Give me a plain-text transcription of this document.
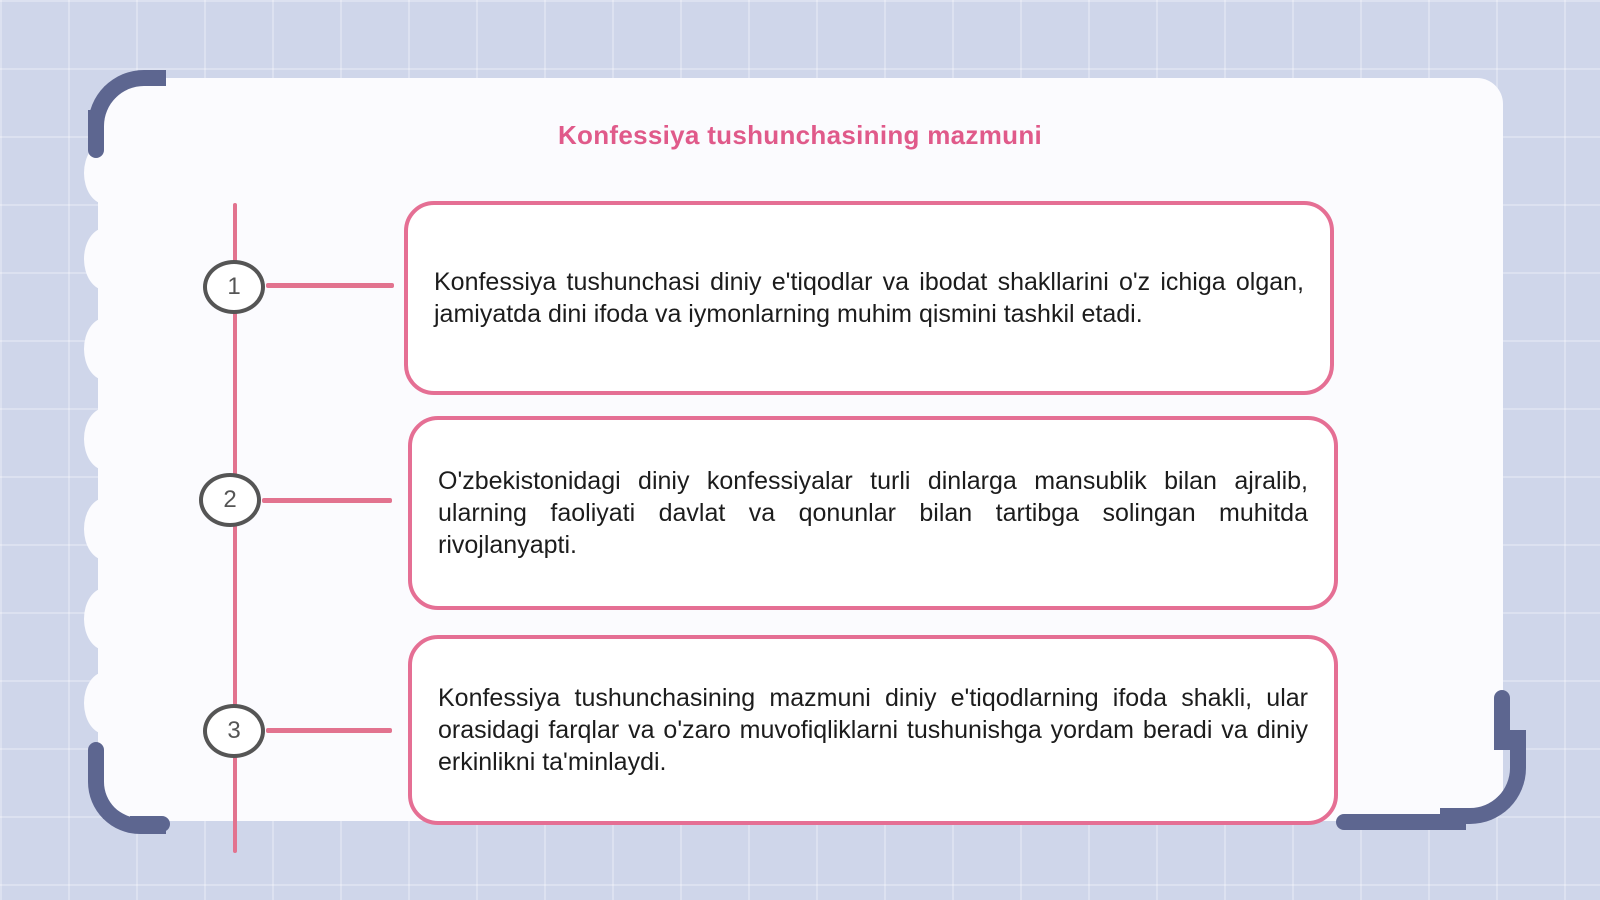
Konfessiya tushunchasining mazmuni
1
2
3

Konfessiya tushunchasi diniy e'tiqodlar va ibodat shakllarini o'z ichiga olgan, jamiyatda dini ifoda va iymonlarning muhim qismini tashkil etadi.

O'zbekistonidagi diniy konfessiyalar turli dinlarga mansublik bilan ajralib, ularning faoliyati davlat va qonunlar bilan tartibga solingan muhitda rivojlanyapti.

Konfessiya tushunchasining mazmuni diniy e'tiqodlarning ifoda shakli, ular orasidagi farqlar va o'zaro muvofiqliklarni tushunishga yordam beradi va diniy erkinlikni ta'minlaydi.
